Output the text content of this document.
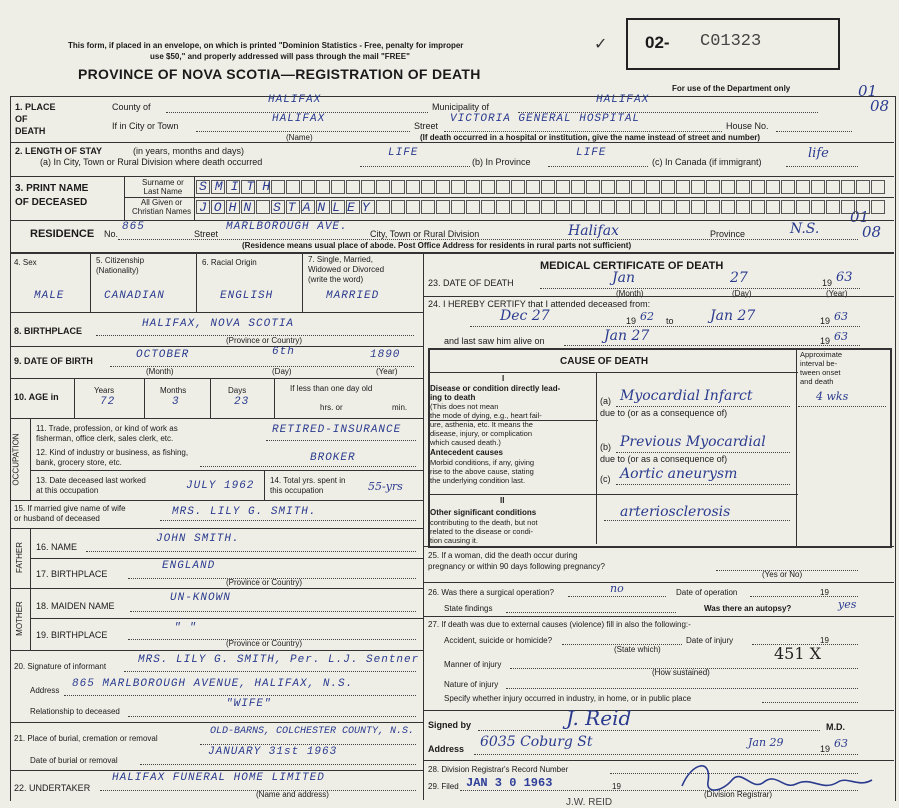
This form, if placed in an envelope, on which is printed "Dominion Statistics - Free, penalty for improper
use $50," and properly addressed will pass through the mail "FREE"
PROVINCE OF NOVA SCOTIA—REGISTRATION OF DEATH
✓ 02- C01323
For use of the Department only	01
08
01
08
1. PLACE
OF
DEATH
County of
HALIFAX
Municipality of
HALIFAX
If in City or Town
HALIFAX
(Name)
Street
VICTORIA GENERAL HOSPITAL
House No.
(If death occurred in a hospital or institution, give the name instead of street and number)
2. LENGTH OF STAY	(in years, months and days)
(a) In City, Town or Rural Division where death occurred
LIFE
(b) In Province
LIFE
(c) In Canada (if immigrant)
life
3. PRINT NAME
OF DECEASED
Surname or
Last Name
All Given or
Christian Names
SMITH
JOHN STANLEY
RESIDENCE No.
865
Street
MARLBOROUGH AVE.
City, Town or Rural Division	Halifax	Province	N.S.
(Residence means usual place of abode. Post Office Address for residents in rural parts not sufficient)
4. Sex	5. Citizenship
(Nationality)
6. Racial Origin	7. Single, Married,
Widowed or Divorced
(write the word)
MALE	CANADIAN	ENGLISH	MARRIED
8. BIRTHPLACE
HALIFAX, NOVA SCOTIA
(Province or Country)
9. DATE OF BIRTH	OCTOBER	6th	1890
(Month)	(Day)	(Year)
10. AGE in
Years	Months	Days	If less than one day old
72	3	23	hrs. or	min.
OCCUPATION
11. Trade, profession, or kind of work as
fisherman, office clerk, sales clerk, etc.
RETIRED-INSURANCE
12. Kind of industry or business, as fishing,
bank, grocery store, etc.	BROKER
13. Date deceased last worked
at this occupation	JULY 1962 14. Total yrs. spent in
this occupation	55-yrs
15. If married give name of wife
or husband of deceased
MRS. LILY G. SMITH.
FATHER 16. NAME
JOHN SMITH.
17. BIRTHPLACE
ENGLAND
(Province or Country)
MOTHER 18. MAIDEN NAME
UN-KNOWN
19. BIRTHPLACE
" "
(Province or Country)
20. Signature of informant
MRS. LILY G. SMITH, Per. L.J. Sentner
Address
865 MARLBOROUGH AVENUE, HALIFAX, N.S.
Relationship to deceased
"WIFE"
21. Place of burial, cremation or removal
OLD-BARNS, COLCHESTER COUNTY, N.S.
Date of burial or removal
JANUARY 31st 1963
22. UNDERTAKER
HALIFAX FUNERAL HOME LIMITED
(Name and address)
MEDICAL CERTIFICATE OF DEATH
23. DATE OF DEATH	Jan	27	19 63
(Month)	(Day)	(Year)
24. I HEREBY CERTIFY that I attended deceased from:
Dec 27	19 62 to	Jan 27	19 63
and last saw him alive on	Jan 27	19 63
CAUSE OF DEATH
Approximate
interval be-
tween onset
and death
I
Disease or condition directly lead-
ing to death
(This does not mean
the mode of dying, e.g., heart fail-
ure, asthenia, etc. It means the
disease, injury, or complication
which caused death.)
(a) Myocardial Infarct	4 wks
due to (or as a consequence of)
Antecedent causes
Morbid conditions, if any, giving
rise to the above cause, stating
the underlying condition last.
(b) Previous Myocardial
due to (or as a consequence of)
(c) Aortic aneurysm
II
Other significant conditions
contributing to the death, but not
related to the disease or condi-
tion causing it.
arteriosclerosis
25. If a woman, did the death occur during
pregnancy or within 90 days following pregnancy?
(Yes or No)
26. Was there a surgical operation?	no	Date of operation	19
State findings	Was there an autopsy?	yes
27. If death was due to external causes (violence) fill in also the following:-
Accident, suicide or homicide?	Date of injury	19
(State which)	451 X
Manner of injury
(How sustained)
Nature of injury
Specify whether injury occurred in industry, in home, or in public place
Signed by	J. Reid	M.D.
Address 6035 Coburg St	Jan 29	19 63
28. Division Registrar's Record Number
29. Filed JAN 3 0 1963	19
(Division Registrar)
J.W. REID
